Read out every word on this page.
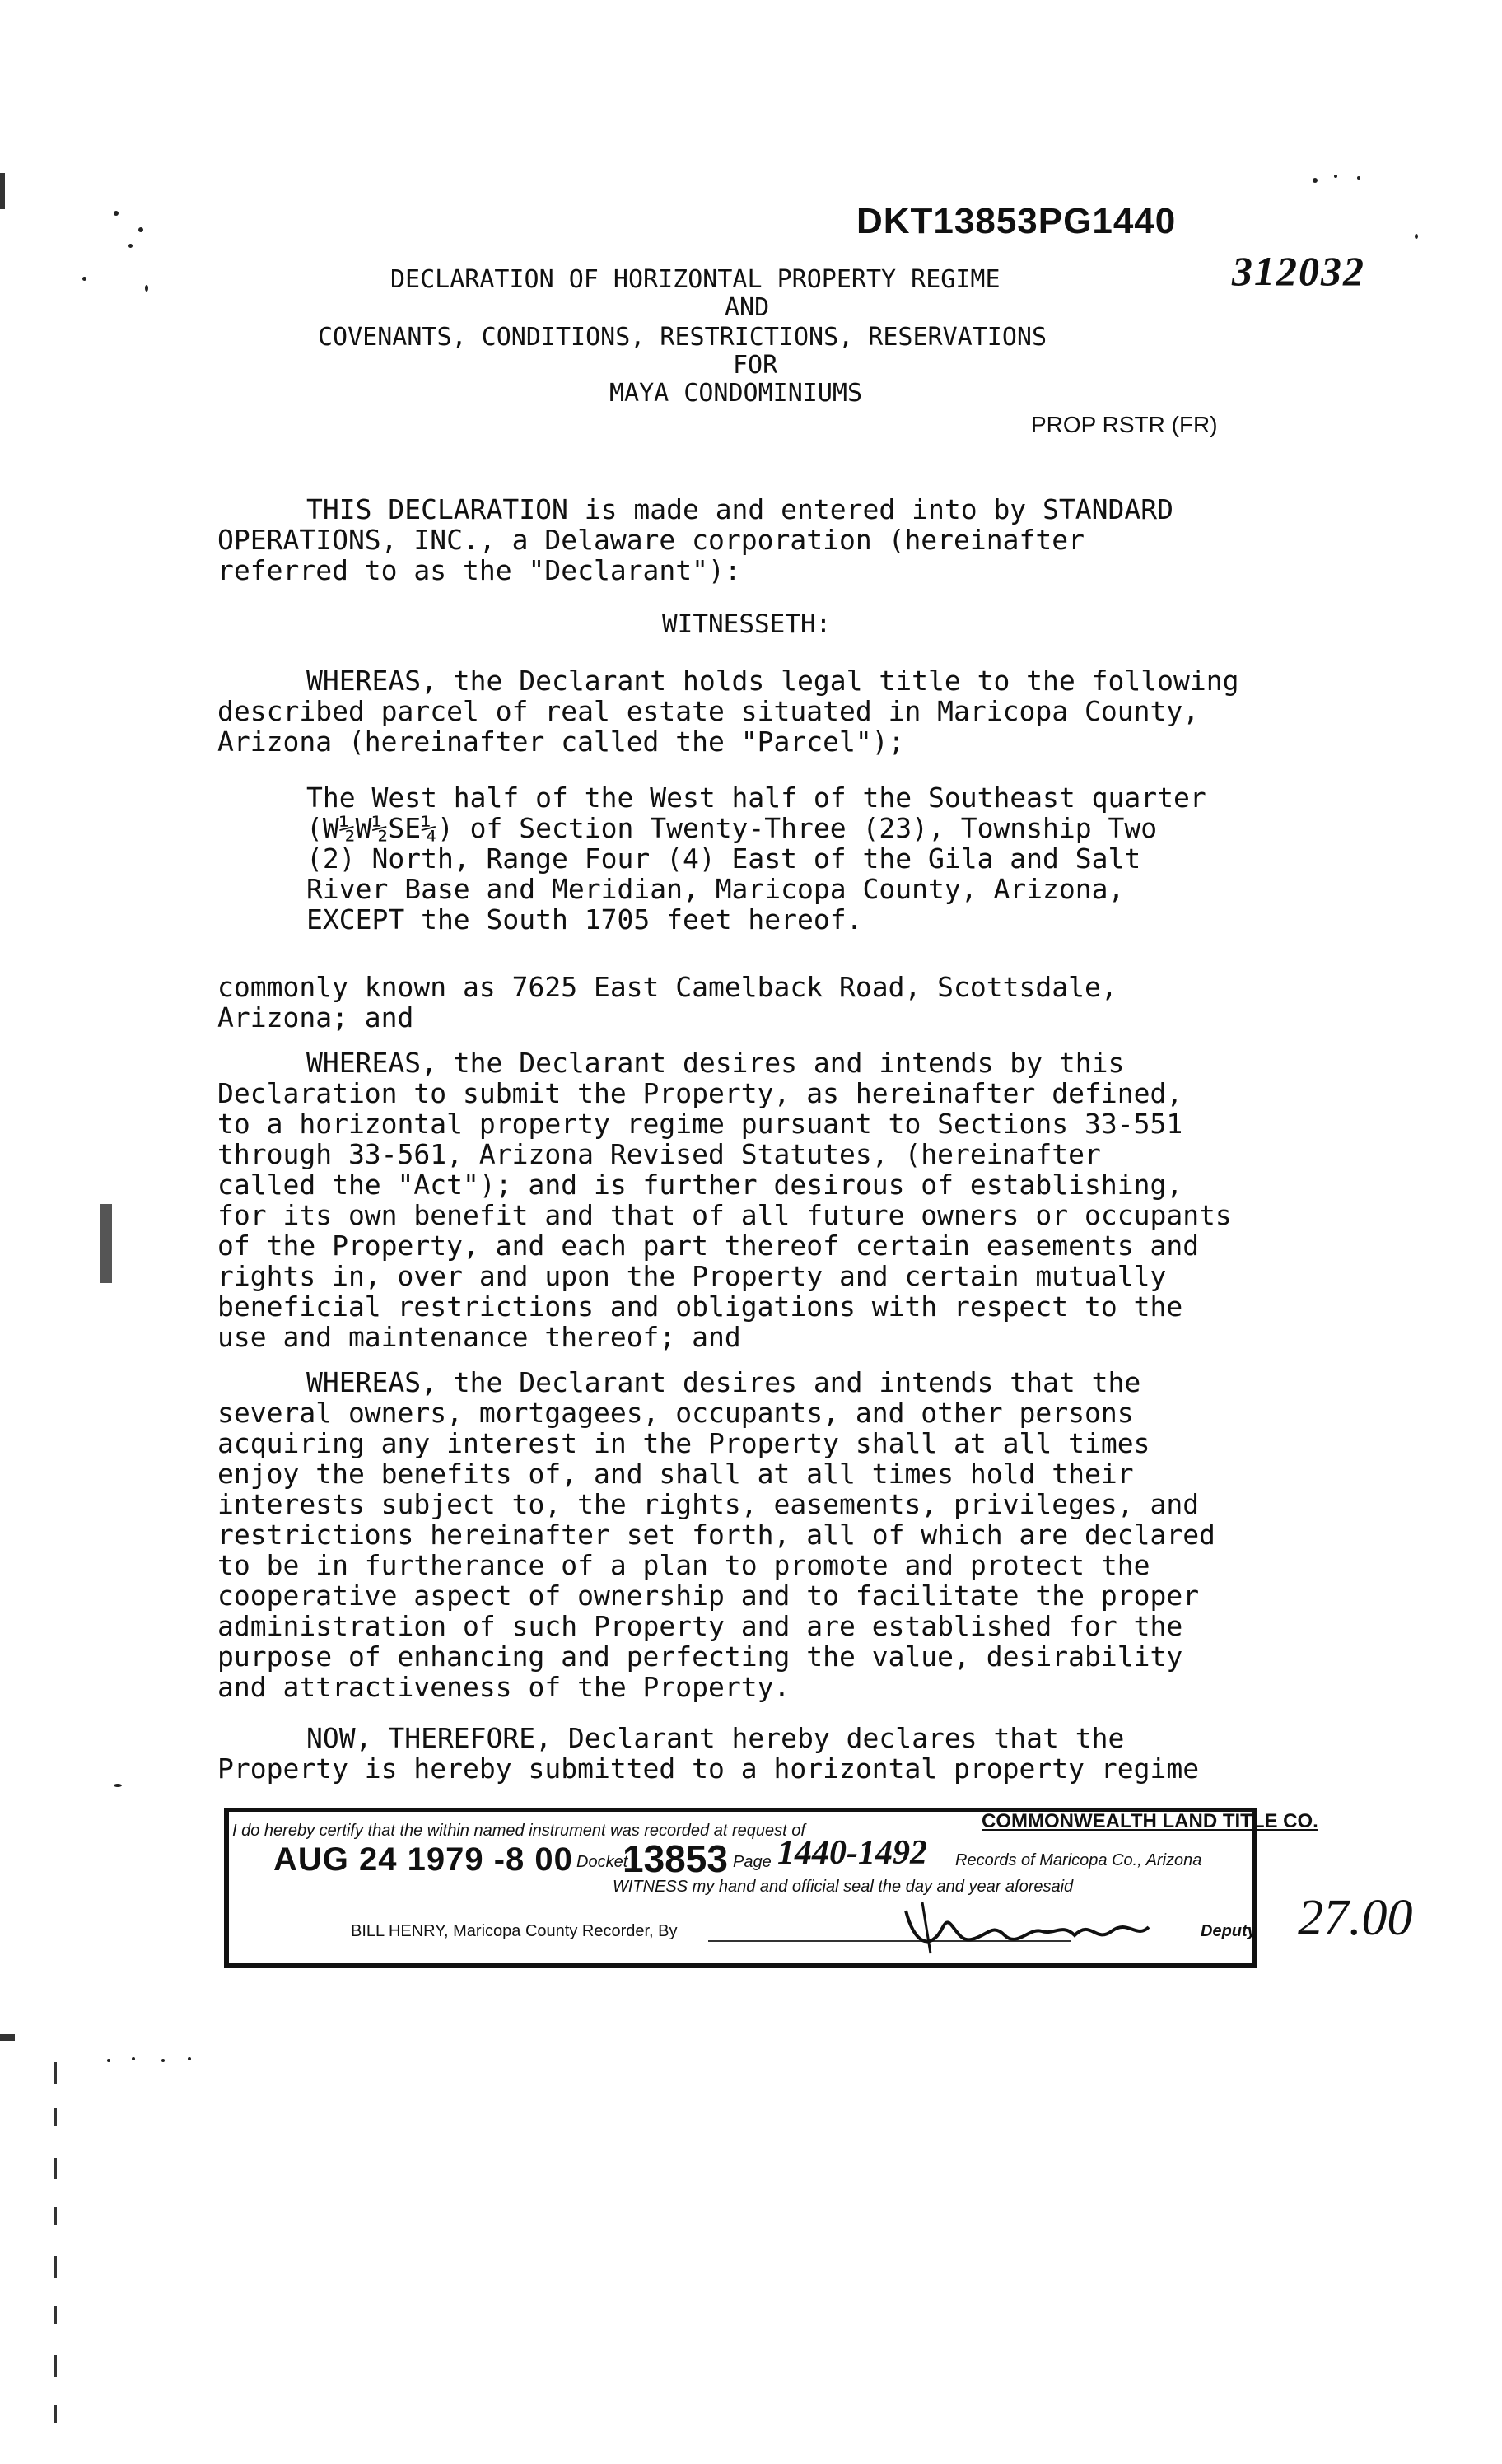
DKT13853PG1440
312032
DECLARATION OF HORIZONTAL PROPERTY REGIME
AND
COVENANTS, CONDITIONS, RESTRICTIONS, RESERVATIONS
FOR
MAYA CONDOMINIUMS
PROP RSTR (FR)
THIS DECLARATION is made and entered into by STANDARD
OPERATIONS, INC., a Delaware corporation (hereinafter
referred to as the "Declarant"):
WITNESSETH:
WHEREAS, the Declarant holds legal title to the following
described parcel of real estate situated in Maricopa County,
Arizona (hereinafter called the "Parcel");
The West half of the West half of the Southeast quarter
(W½W½SE¼) of Section Twenty-Three (23), Township Two
(2) North, Range Four (4) East of the Gila and Salt
River Base and Meridian, Maricopa County, Arizona,
EXCEPT the South 1705 feet hereof.
commonly known as 7625 East Camelback Road, Scottsdale,
Arizona; and
WHEREAS, the Declarant desires and intends by this
Declaration to submit the Property, as hereinafter defined,
to a horizontal property regime pursuant to Sections 33-551
through 33-561, Arizona Revised Statutes, (hereinafter
called the "Act"); and is further desirous of establishing,
for its own benefit and that of all future owners or occupants
of the Property, and each part thereof certain easements and
rights in, over and upon the Property and certain mutually
beneficial restrictions and obligations with respect to the
use and maintenance thereof; and
WHEREAS, the Declarant desires and intends that the
several owners, mortgagees, occupants, and other persons
acquiring any interest in the Property shall at all times
enjoy the benefits of, and shall at all times hold their
interests subject to, the rights, easements, privileges, and
restrictions hereinafter set forth, all of which are declared
to be in furtherance of a plan to promote and protect the
cooperative aspect of ownership and to facilitate the proper
administration of such Property and are established for the
purpose of enhancing and perfecting the value, desirability
and attractiveness of the Property.
NOW, THEREFORE, Declarant hereby declares that the
Property is hereby submitted to a horizontal property regime
I do hereby certify that the within named instrument was recorded at request of	COMMONWEALTH LAND TITLE CO.
AUG 24 1979 -8 00 Docket
13853 Page 1440-1492 Records of Maricopa Co., Arizona
WITNESS my hand and official seal the day and year aforesaid
BILL HENRY, Maricopa County Recorder, By	Deputy 27.00
